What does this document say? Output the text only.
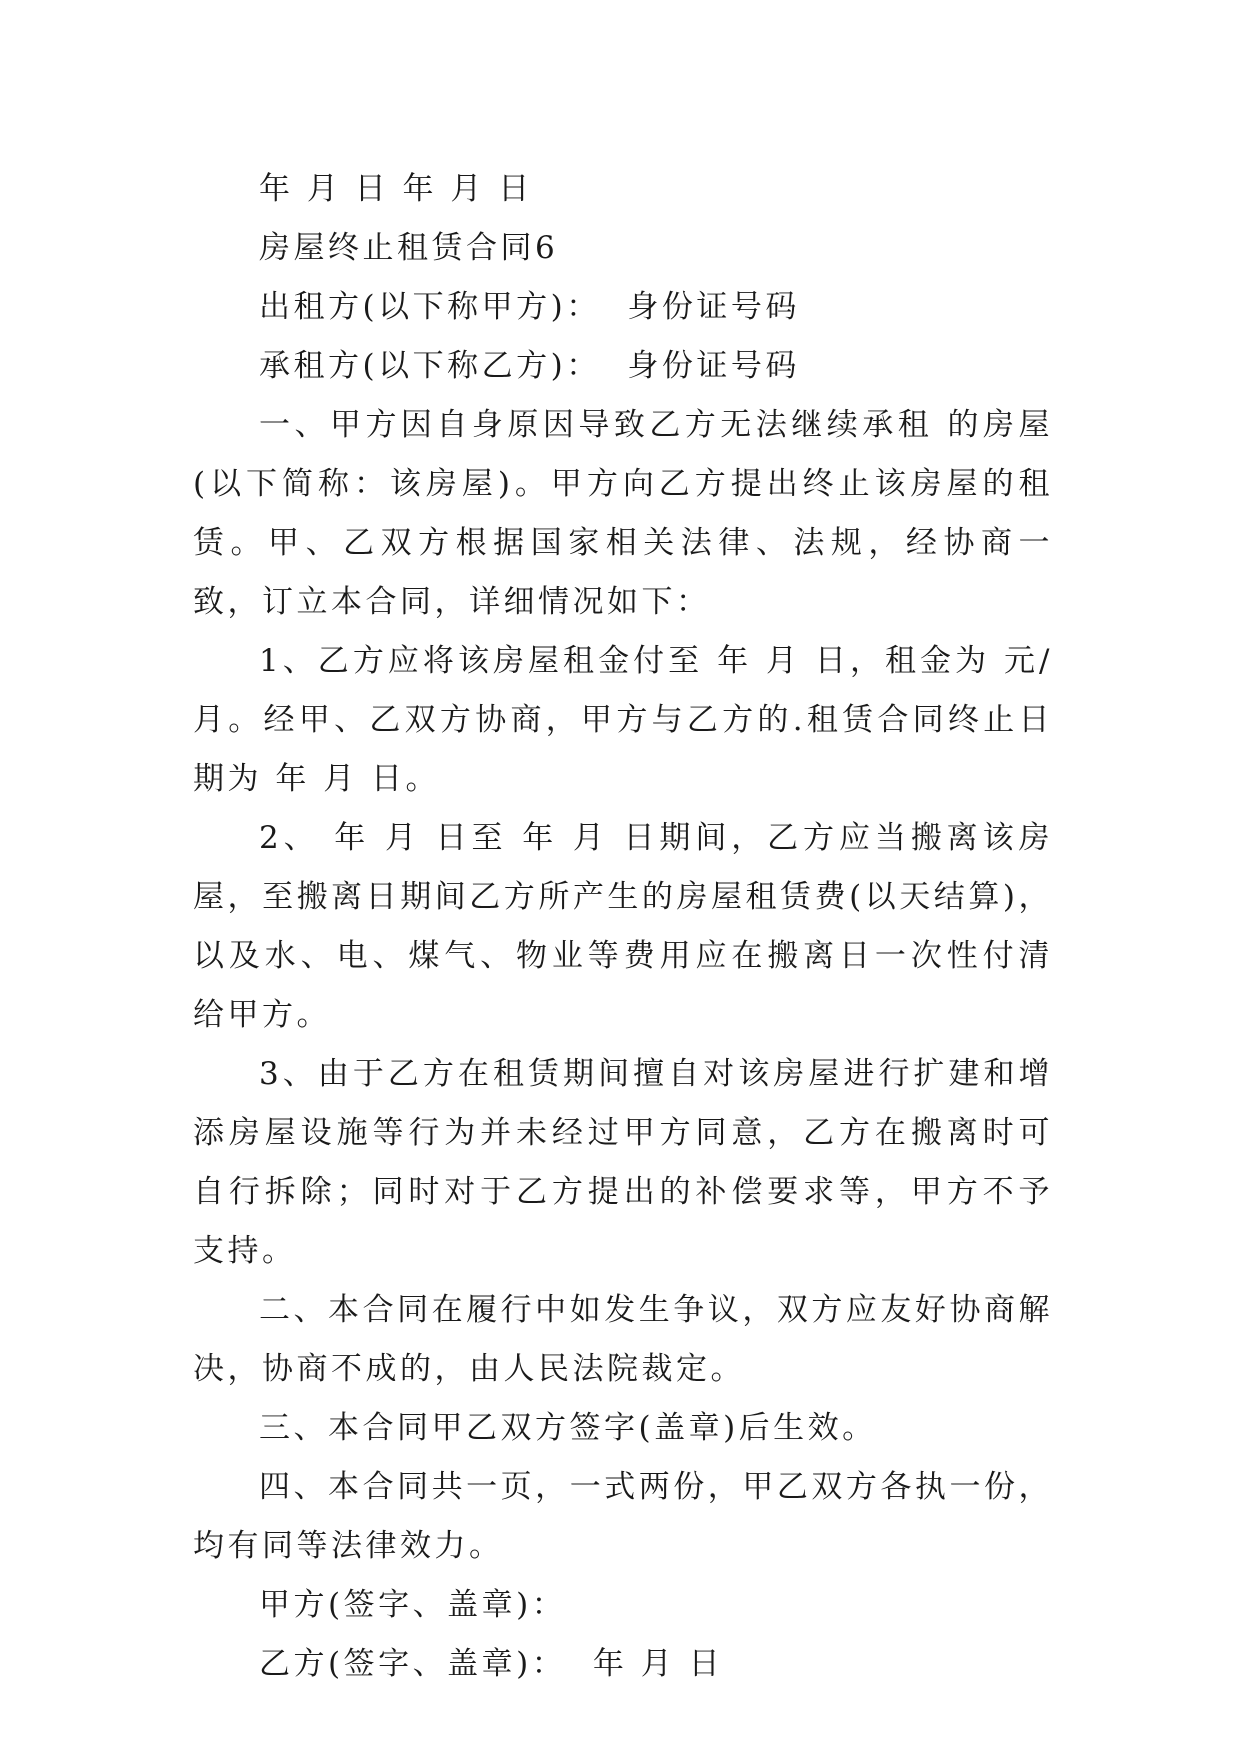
年 月 日 年 月 日

房屋终止租赁合同6

出租方(以下称甲方)：  身份证号码

承租方(以下称乙方)：  身份证号码

一、甲方因自身原因导致乙方无法继续承租 的房屋(以下简称：该房屋)。甲方向乙方提出终止该房屋的租赁。甲、乙双方根据国家相关法律、法规，经协商一致，订立本合同，详细情况如下：

1、乙方应将该房屋租金付至 年 月 日，租金为 元/月。经甲、乙双方协商，甲方与乙方的.租赁合同终止日期为 年 月 日。

2、 年 月 日至 年 月 日期间，乙方应当搬离该房屋，至搬离日期间乙方所产生的房屋租赁费(以天结算)，以及水、电、煤气、物业等费用应在搬离日一次性付清给甲方。

3、由于乙方在租赁期间擅自对该房屋进行扩建和增添房屋设施等行为并未经过甲方同意，乙方在搬离时可自行拆除；同时对于乙方提出的补偿要求等，甲方不予支持。

二、本合同在履行中如发生争议，双方应友好协商解决，协商不成的，由人民法院裁定。

三、本合同甲乙双方签字(盖章)后生效。

四、本合同共一页，一式两份，甲乙双方各执一份，均有同等法律效力。

甲方(签字、盖章)：

乙方(签字、盖章)：  年 月 日
